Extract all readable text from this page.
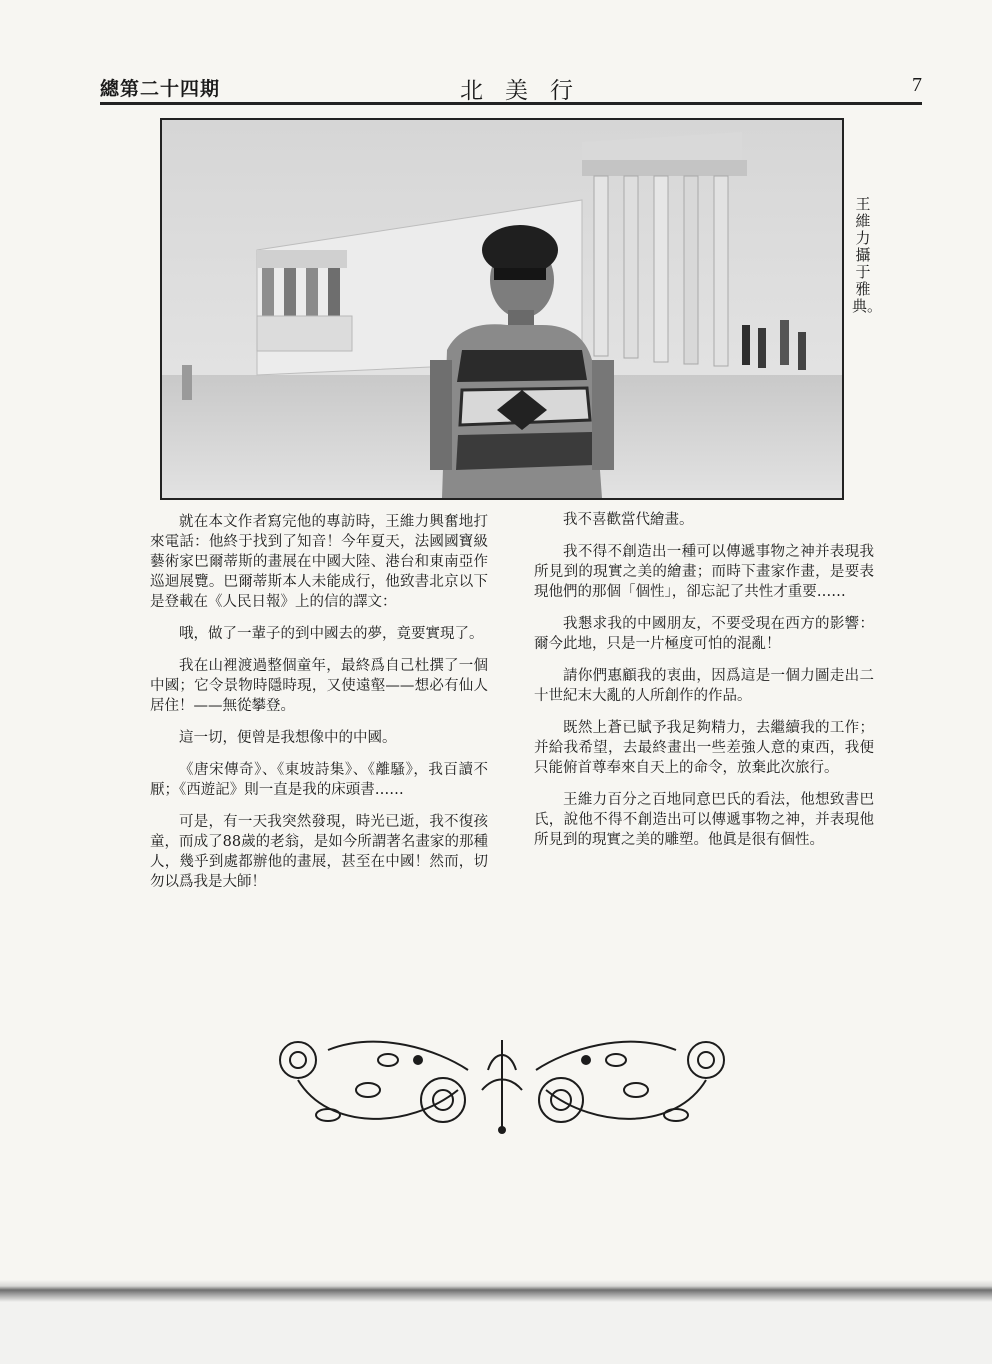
總第二十四期	北美行	7
王維力攝于雅典。

就在本文作者寫完他的專訪時，王維力興奮地打來電話：他終于找到了知音！今年夏天，法國國寶級藝術家巴爾蒂斯的畫展在中國大陸、港台和東南亞作巡迴展覽。巴爾蒂斯本人未能成行，他致書北京以下是登載在《人民日報》上的信的譯文：

哦，做了一輩子的到中國去的夢，竟要實現了。

我在山裡渡過整個童年，最終爲自己杜撰了一個中國；它令景物時隱時現，又使遠壑——想必有仙人居住！——無從攀登。

這一切，便曾是我想像中的中國。

《唐宋傳奇》、《東坡詩集》、《離騷》，我百讀不厭；《西遊記》則一直是我的床頭書……

可是，有一天我突然發現，時光已逝，我不復孩童，而成了88歲的老翁，是如今所謂著名畫家的那種人，幾乎到處都辦他的畫展，甚至在中國！然而，切勿以爲我是大師！

我不喜歡當代繪畫。

我不得不創造出一種可以傳遞事物之神并表現我所見到的現實之美的繪畫；而時下畫家作畫，是要表現他們的那個「個性」，卻忘記了共性才重要……

我懇求我的中國朋友，不要受現在西方的影響：爾今此地，只是一片極度可怕的混亂！

請你們惠顧我的衷曲，因爲這是一個力圖走出二十世紀末大亂的人所創作的作品。

既然上蒼已賦予我足夠精力，去繼續我的工作；并給我希望，去最終畫出一些差強人意的東西，我便只能俯首尊奉來自天上的命令，放棄此次旅行。

王維力百分之百地同意巴氏的看法，他想致書巴氏，說他不得不創造出可以傳遞事物之神，并表現他所見到的現實之美的雕塑。他眞是很有個性。
